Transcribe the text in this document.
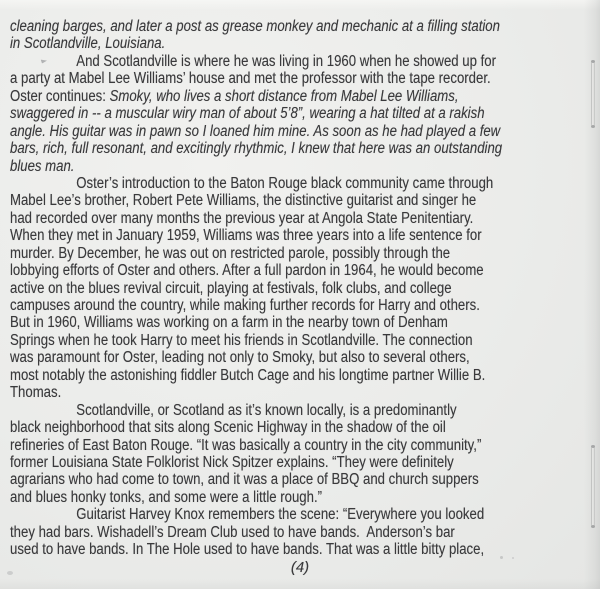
cleaning barges, and later a post as grease monkey and mechanic at a filling station
in Scotlandville, Louisiana.
And Scotlandville is where he was living in 1960 when he showed up for
a party at Mabel Lee Williams’ house and met the professor with the tape recorder.
Oster continues: Smoky, who lives a short distance from Mabel Lee Williams,
swaggered in -- a muscular wiry man of about 5’8”, wearing a hat tilted at a rakish
angle. His guitar was in pawn so I loaned him mine. As soon as he had played a few
bars, rich, full resonant, and excitingly rhythmic, I knew that here was an outstanding
blues man.
Oster’s introduction to the Baton Rouge black community came through
Mabel Lee’s brother, Robert Pete Williams, the distinctive guitarist and singer he
had recorded over many months the previous year at Angola State Penitentiary.
When they met in January 1959, Williams was three years into a life sentence for
murder. By December, he was out on restricted parole, possibly through the
lobbying efforts of Oster and others. After a full pardon in 1964, he would become
active on the blues revival circuit, playing at festivals, folk clubs, and college
campuses around the country, while making further records for Harry and others.
But in 1960, Williams was working on a farm in the nearby town of Denham
Springs when he took Harry to meet his friends in Scotlandville. The connection
was paramount for Oster, leading not only to Smoky, but also to several others,
most notably the astonishing fiddler Butch Cage and his longtime partner Willie B.
Thomas.
Scotlandville, or Scotland as it’s known locally, is a predominantly
black neighborhood that sits along Scenic Highway in the shadow of the oil
refineries of East Baton Rouge. “It was basically a country in the city community,”
former Louisiana State Folklorist Nick Spitzer explains. “They were definitely
agrarians who had come to town, and it was a place of BBQ and church suppers
and blues honky tonks, and some were a little rough.”
Guitarist Harvey Knox remembers the scene: “Everywhere you looked
they had bars. Wishadell’s Dream Club used to have bands.  Anderson’s bar
used to have bands. In The Hole used to have bands. That was a little bitty place,
(4)
